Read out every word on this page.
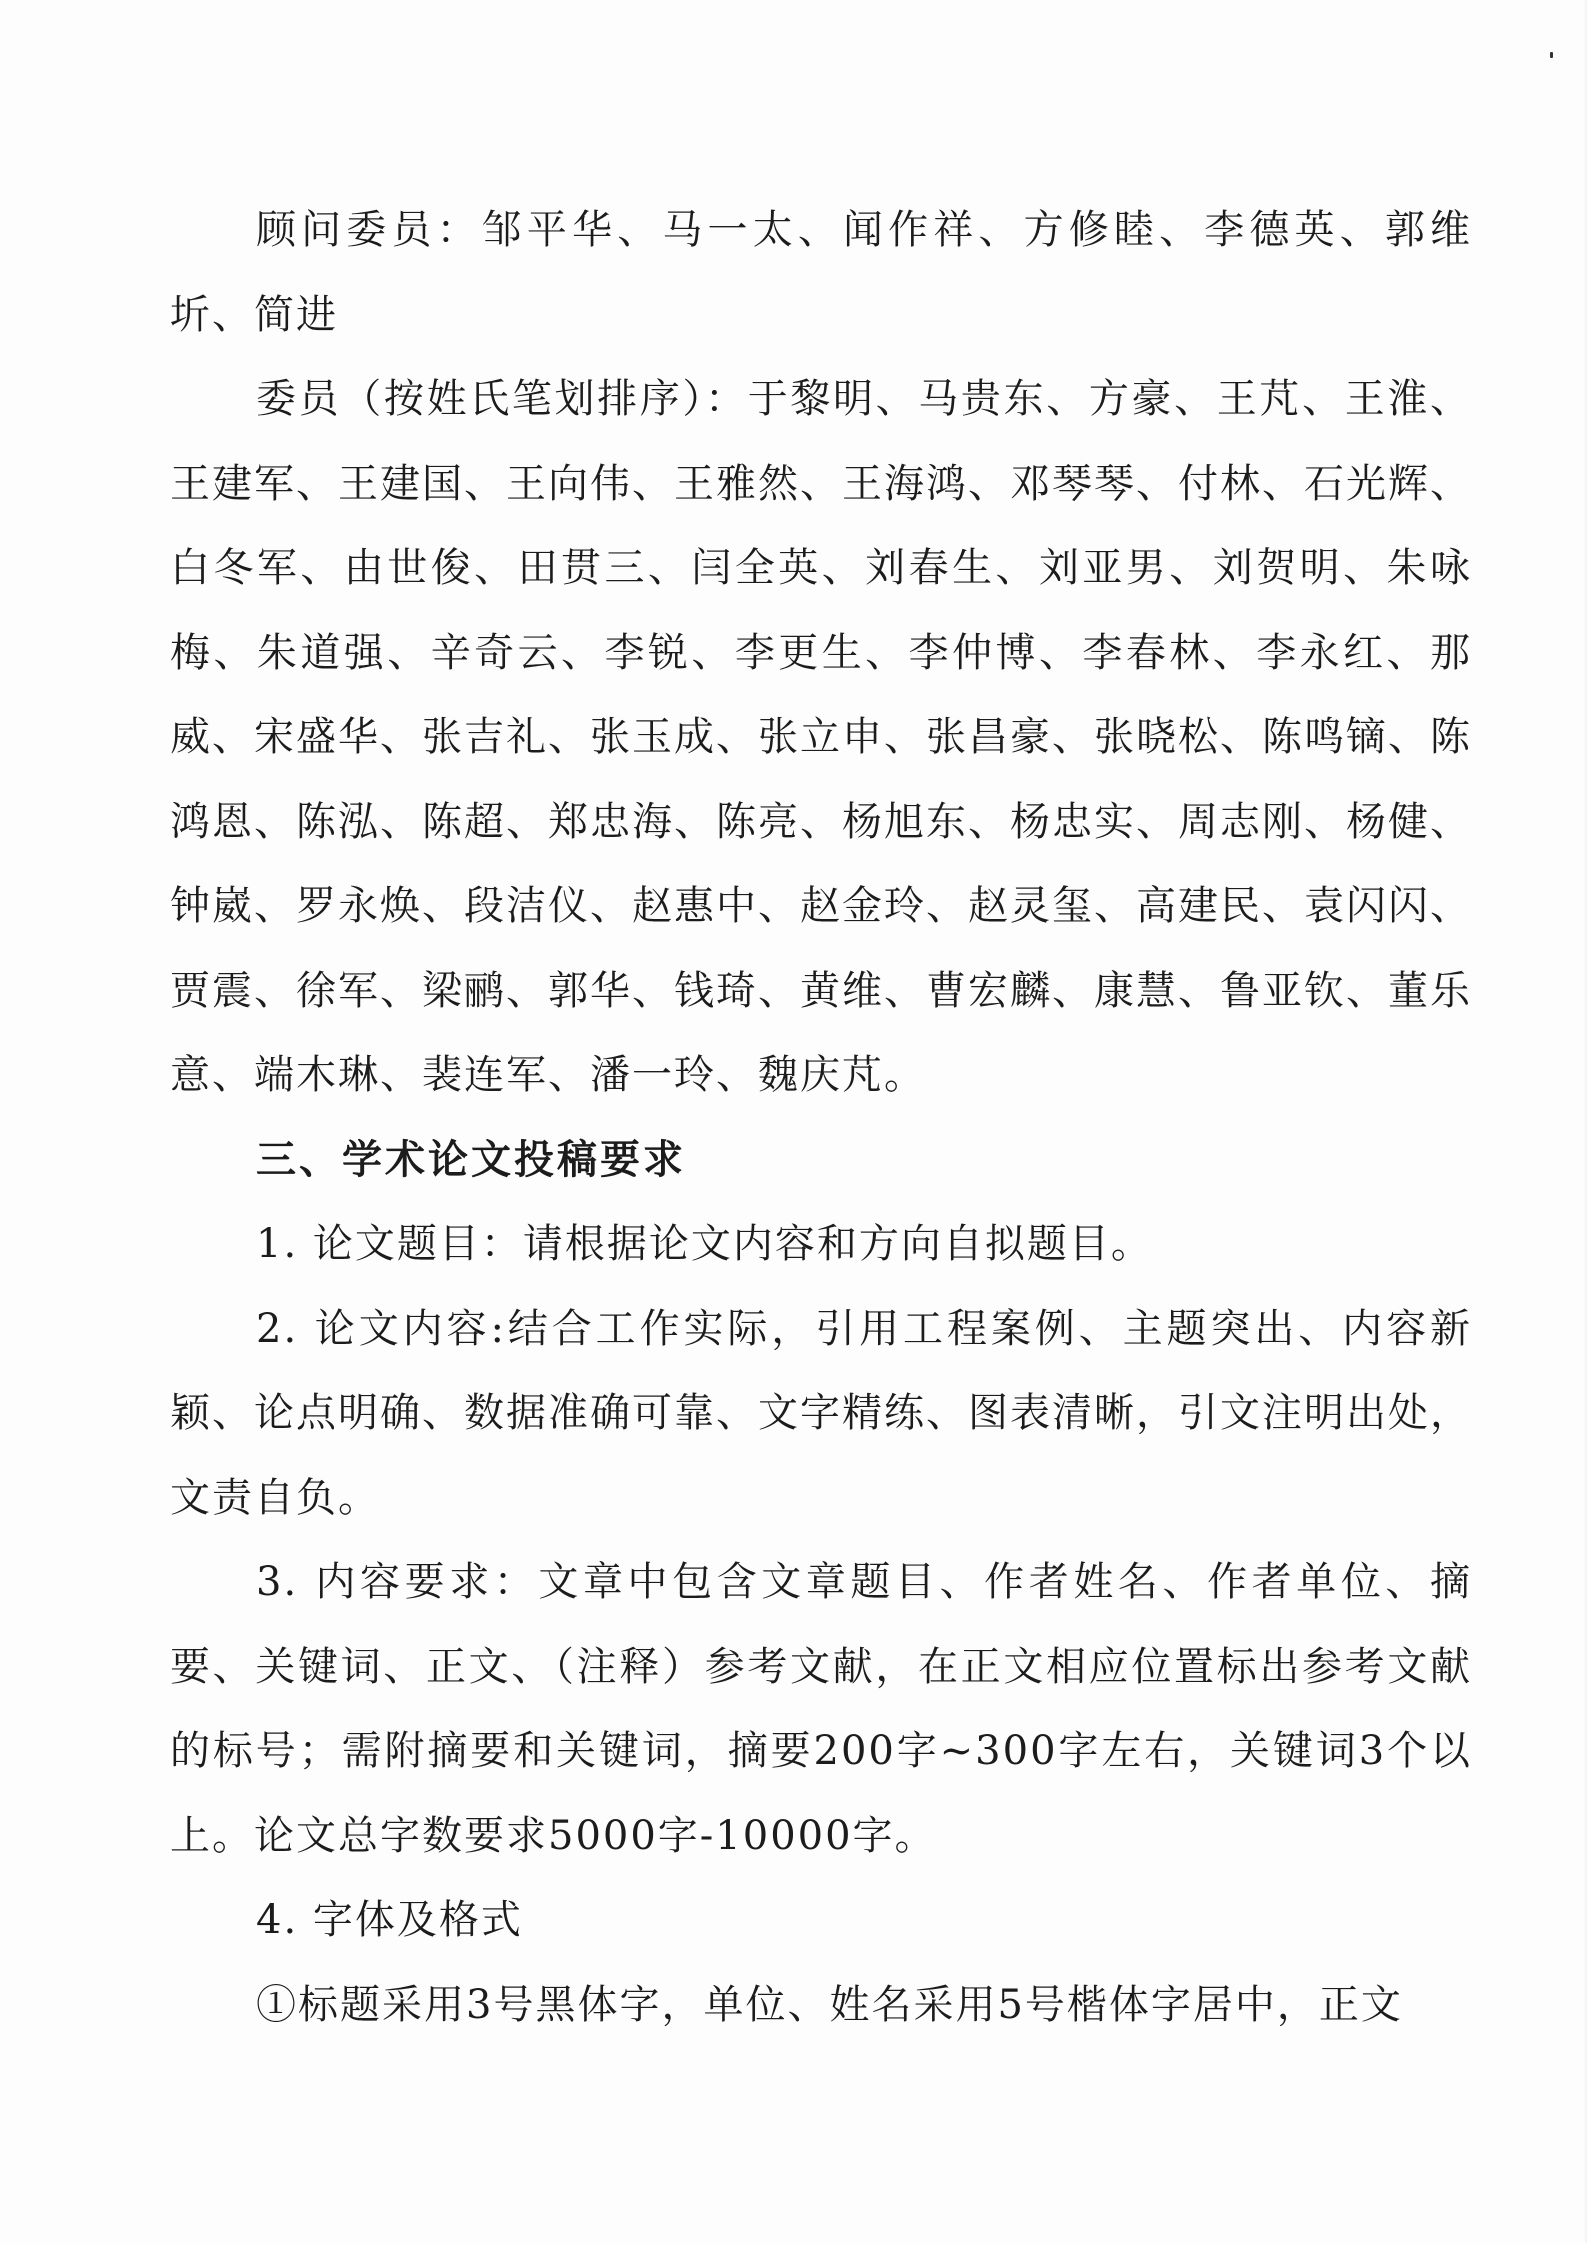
顾问委员：邹平华、马一太、闻作祥、方修睦、李德英、郭维圻、简进

委员（按姓氏笔划排序）：于黎明、马贵东、方豪、王芃、王淮、王建军、王建国、王向伟、王雅然、王海鸿、邓琴琴、付林、石光辉、白冬军、由世俊、田贯三、闫全英、刘春生、刘亚男、刘贺明、朱咏梅、朱道强、辛奇云、李锐、李更生、李仲博、李春林、李永红、那威、宋盛华、张吉礼、张玉成、张立申、张昌豪、张晓松、陈鸣镝、陈鸿恩、陈泓、陈超、郑忠海、陈亮、杨旭东、杨忠实、周志刚、杨健、钟崴、罗永焕、段洁仪、赵惠中、赵金玲、赵灵玺、高建民、袁闪闪、贾震、徐军、梁鹂、郭华、钱琦、黄维、曹宏麟、康慧、鲁亚钦、董乐意、端木琳、裴连军、潘一玲、魏庆芃。

三、学术论文投稿要求

1. 论文题目：请根据论文内容和方向自拟题目。

2. 论文内容:结合工作实际，引用工程案例、主题突出、内容新颖、论点明确、数据准确可靠、文字精练、图表清晰，引文注明出处，文责自负。

3. 内容要求：文章中包含文章题目、作者姓名、作者单位、摘要、关键词、正文、（注释）参考文献，在正文相应位置标出参考文献的标号；需附摘要和关键词，摘要200字~300字左右，关键词3个以上。论文总字数要求5000字-10000字。

4. 字体及格式

①标题采用3号黑体字，单位、姓名采用5号楷体字居中，正文
